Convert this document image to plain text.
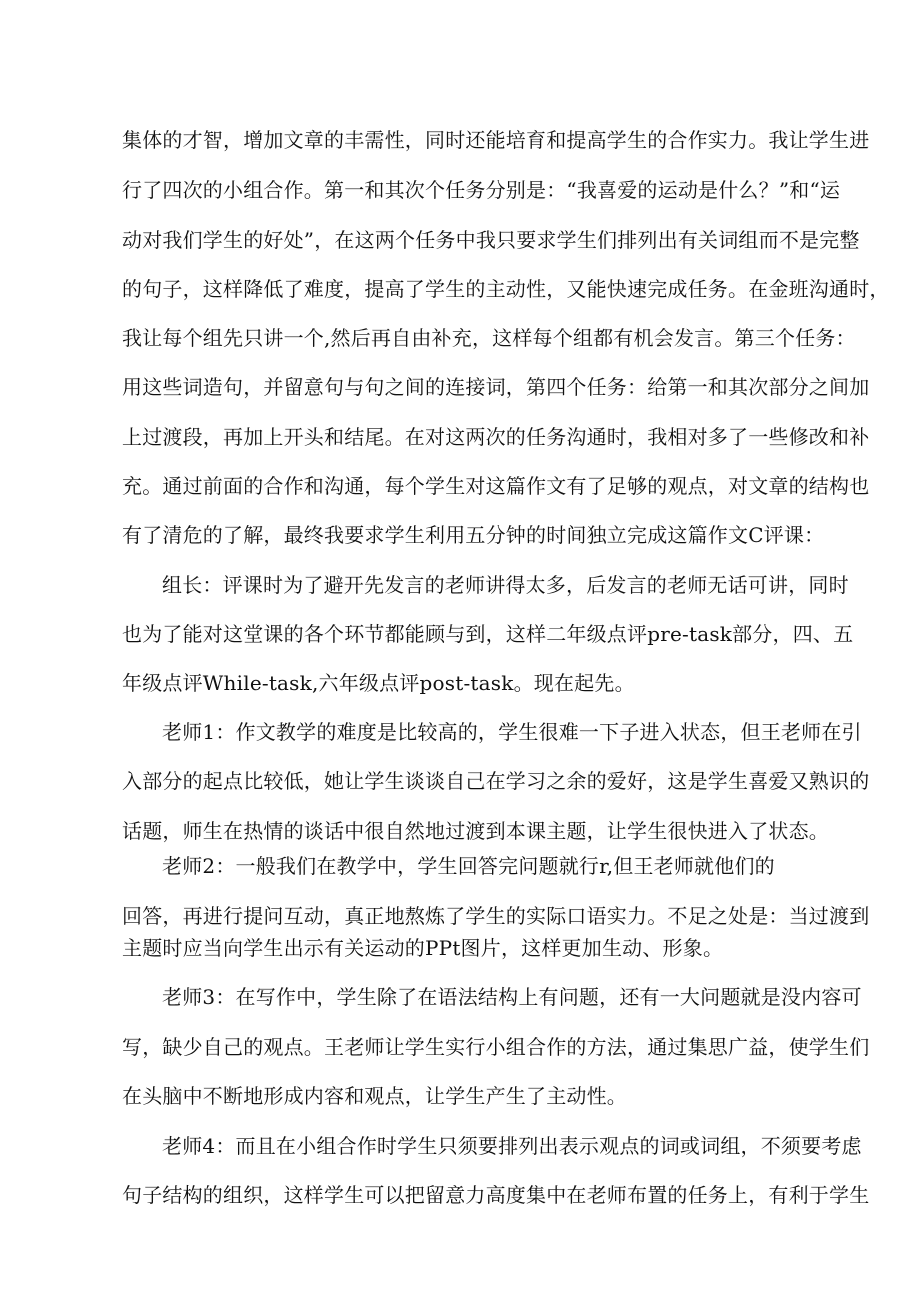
集体的才智，增加文章的丰需性，同时还能培育和提高学生的合作实力。我让学生进
行了四次的小组合作。第一和其次个任务分别是：“我喜爱的运动是什么？”和“运
动对我们学生的好处”，在这两个任务中我只要求学生们排列出有关词组而不是完整
的句子，这样降低了难度，提高了学生的主动性，又能快速完成任务。在金班沟通时，
我让每个组先只讲一个,然后再自由补充，这样每个组都有机会发言。第三个任务：
用这些词造句，并留意句与句之间的连接词，第四个任务：给第一和其次部分之间加
上过渡段，再加上开头和结尾。在对这两次的任务沟通时，我相对多了一些修改和补
充。通过前面的合作和沟通，每个学生对这篇作文有了足够的观点，对文章的结构也
有了清危的了解，最终我要求学生利用五分钟的时间独立完成这篇作文C评课：
组长：评课时为了避开先发言的老师讲得太多，后发言的老师无话可讲，同时
也为了能对这堂课的各个环节都能顾与到，这样二年级点评pre-task部分，四、五
年级点评While-task,六年级点评post-task。现在起先。
老师1：作文教学的难度是比较高的，学生很难一下子进入状态，但王老师在引
入部分的起点比较低，她让学生谈谈自己在学习之余的爱好，这是学生喜爱又熟识的
话题，师生在热情的谈话中很自然地过渡到本课主题，让学生很快进入了状态。
老师2：一般我们在教学中，学生回答完问题就行r,但王老师就他们的
回答，再进行提问互动，真正地熬炼了学生的实际口语实力。不足之处是：当过渡到
主题时应当向学生出示有关运动的PPt图片，这样更加生动、形象。
老师3：在写作中，学生除了在语法结构上有问题，还有一大问题就是没内容可
写，缺少自己的观点。王老师让学生实行小组合作的方法，通过集思广益，使学生们
在头脑中不断地形成内容和观点，让学生产生了主动性。
老师4：而且在小组合作时学生只须要排列出表示观点的词或词组，不须要考虑
句子结构的组织，这样学生可以把留意力高度集中在老师布置的任务上，有利于学生
